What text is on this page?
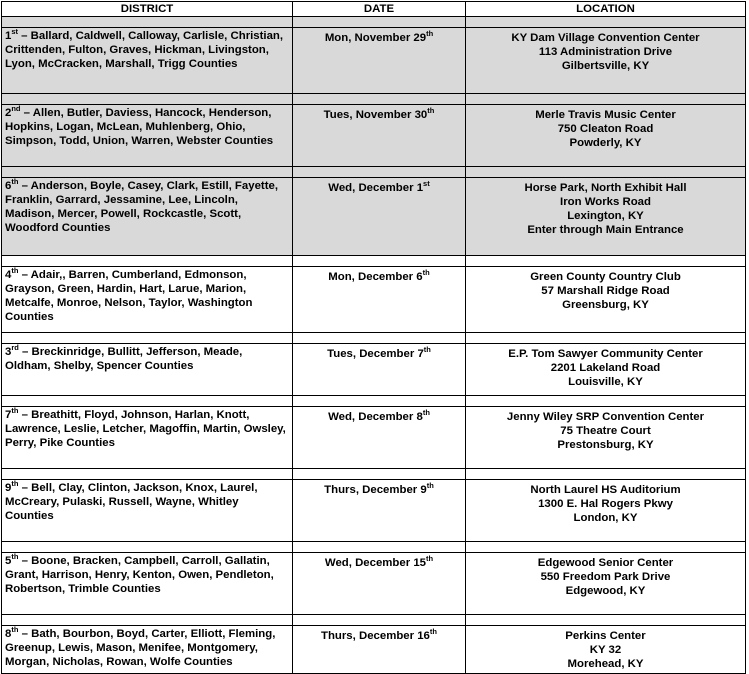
DISTRICT	DATE	LOCATION

1st – Ballard, Caldwell, Calloway, Carlisle, Christian, Crittenden, Fulton, Graves, Hickman, Livingston, Lyon, McCracken, Marshall, Trigg Counties	Mon, November 29th	KY Dam Village Convention Center
113 Administration Drive
Gilbertsville, KY

2nd – Allen, Butler, Daviess, Hancock, Henderson, Hopkins, Logan, McLean, Muhlenberg, Ohio, Simpson, Todd, Union, Warren, Webster Counties	Tues, November 30th	Merle Travis Music Center
750 Cleaton Road
Powderly, KY

6th – Anderson, Boyle, Casey, Clark, Estill, Fayette, Franklin, Garrard, Jessamine, Lee, Lincoln, Madison, Mercer, Powell, Rockcastle, Scott, Woodford Counties	Wed, December 1st	Horse Park, North Exhibit Hall
Iron Works Road
Lexington, KY
Enter through Main Entrance

4th – Adair,, Barren, Cumberland, Edmonson, Grayson, Green, Hardin, Hart, Larue, Marion, Metcalfe, Monroe, Nelson, Taylor, Washington Counties	Mon, December 6th	Green County Country Club
57 Marshall Ridge Road
Greensburg, KY

3rd – Breckinridge, Bullitt, Jefferson, Meade, Oldham, Shelby, Spencer Counties	Tues, December 7th	E.P. Tom Sawyer Community Center
2201 Lakeland Road
Louisville, KY

7th – Breathitt, Floyd, Johnson, Harlan, Knott, Lawrence, Leslie, Letcher, Magoffin, Martin, Owsley, Perry, Pike Counties	Wed, December 8th	Jenny Wiley SRP Convention Center
75 Theatre Court
Prestonsburg, KY

9th – Bell, Clay, Clinton, Jackson, Knox, Laurel, McCreary, Pulaski, Russell, Wayne, Whitley Counties	Thurs, December 9th	North Laurel HS Auditorium
1300 E. Hal Rogers Pkwy
London, KY

5th – Boone, Bracken, Campbell, Carroll, Gallatin, Grant, Harrison, Henry, Kenton, Owen, Pendleton, Robertson, Trimble Counties	Wed, December 15th	Edgewood Senior Center
550 Freedom Park Drive
Edgewood, KY

8th – Bath, Bourbon, Boyd, Carter, Elliott, Fleming, Greenup, Lewis, Mason, Menifee, Montgomery, Morgan, Nicholas, Rowan, Wolfe Counties	Thurs, December 16th	Perkins Center
KY 32
Morehead, KY
